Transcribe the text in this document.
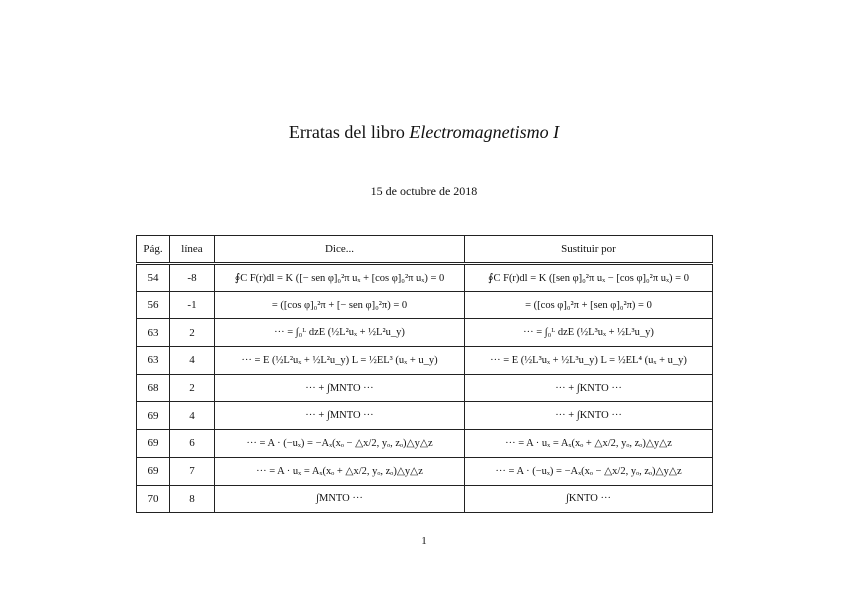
Erratas del libro Electromagnetismo I
15 de octubre de 2018
Pág.	línea	Dice...	Sustituir por
54	-8	∮C F(r)dl = K ([− sen φ]₀²π uₓ + [cos φ]₀²π uₓ) = 0	∮C F(r)dl = K ([sen φ]₀²π uₓ − [cos φ]₀²π uₓ) = 0
56	-1	= ([cos φ]₀²π + [− sen φ]₀²π) = 0	= ([cos φ]₀²π + [sen φ]₀²π) = 0
63	2	··· = ∫₀ᴸ dzE (½L²uₓ + ½L²u_y)	··· = ∫₀ᴸ dzE (½L³uₓ + ½L³u_y)
63	4	··· = E (½L²uₓ + ½L²u_y) L = ½EL³ (uₓ + u_y)	··· = E (½L³uₓ + ½L³u_y) L = ½EL⁴ (uₓ + u_y)
68	2	··· + ∫MNTO ···	··· + ∫KNTO ···
69	4	··· + ∫MNTO ···	··· + ∫KNTO ···
69	6	··· = A · (−uₓ) = −Aₓ(xₒ − △x/2, yₒ, zₒ)△y△z	··· = A · uₓ = Aₓ(xₒ + △x/2, yₒ, zₒ)△y△z
69	7	··· = A · uₓ = Aₓ(xₒ + △x/2, yₒ, zₒ)△y△z	··· = A · (−uₓ) = −Aₓ(xₒ − △x/2, yₒ, zₒ)△y△z
70	8	∫MNTO ···	∫KNTO ···
1
